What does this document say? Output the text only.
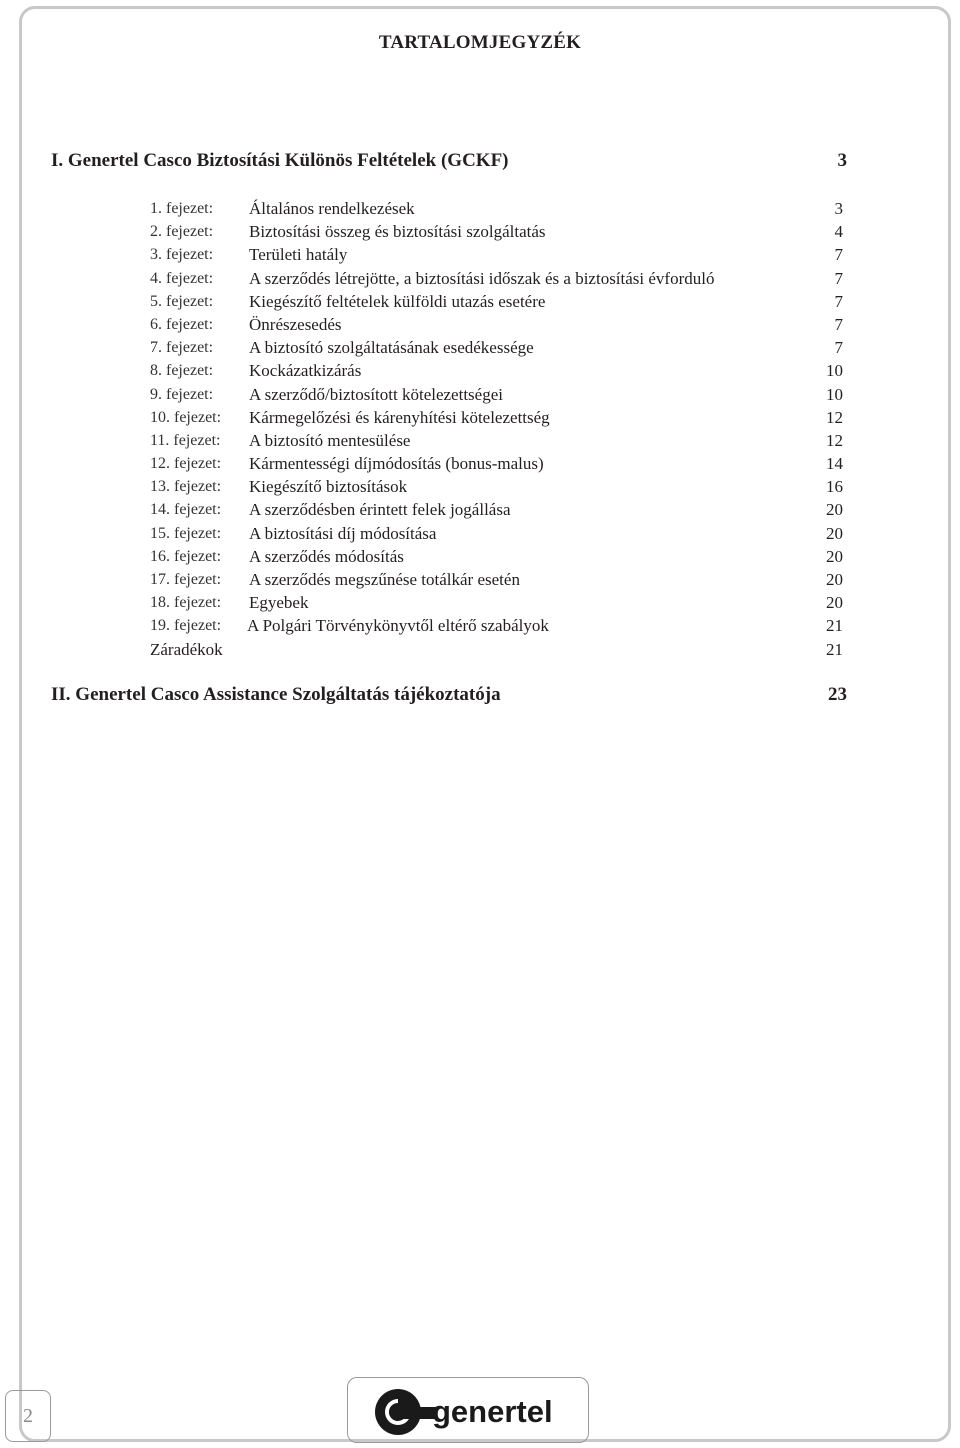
TARTALOMJEGYZÉK
I. Genertel Casco Biztosítási Különös Feltételek (GCKF)	3
1. fejezet:	Általános rendelkezések	3
2. fejezet:	Biztosítási összeg és biztosítási szolgáltatás	4
3. fejezet:	Területi hatály	7
4. fejezet:	A szerződés létrejötte, a biztosítási időszak és a biztosítási évforduló	7
5. fejezet:	Kiegészítő feltételek külföldi utazás esetére	7
6. fejezet:	Önrészesedés	7
7. fejezet:	A biztosító szolgáltatásának esedékessége	7
8. fejezet:	Kockázatkizárás	10
9. fejezet:	A szerződő/biztosított kötelezettségei	10
10. fejezet:	Kármegelőzési és kárenyhítési kötelezettség	12
11. fejezet:	A biztosító mentesülése	12
12. fejezet:	Kármentességi díjmódosítás (bonus-malus)	14
13. fejezet:	Kiegészítő biztosítások	16
14. fejezet:	A szerződésben érintett felek jogállása	20
15. fejezet:	A biztosítási díj módosítása	20
16. fejezet:	A szerződés módosítás	20
17. fejezet:	A szerződés megszűnése totálkár esetén	20
18. fejezet:	Egyebek	20
19. fejezet:	A Polgári Törvénykönyvtől eltérő szabályok	21
Záradékok	21
II. Genertel Casco Assistance Szolgáltatás tájékoztatója	23
2	tel genertel
